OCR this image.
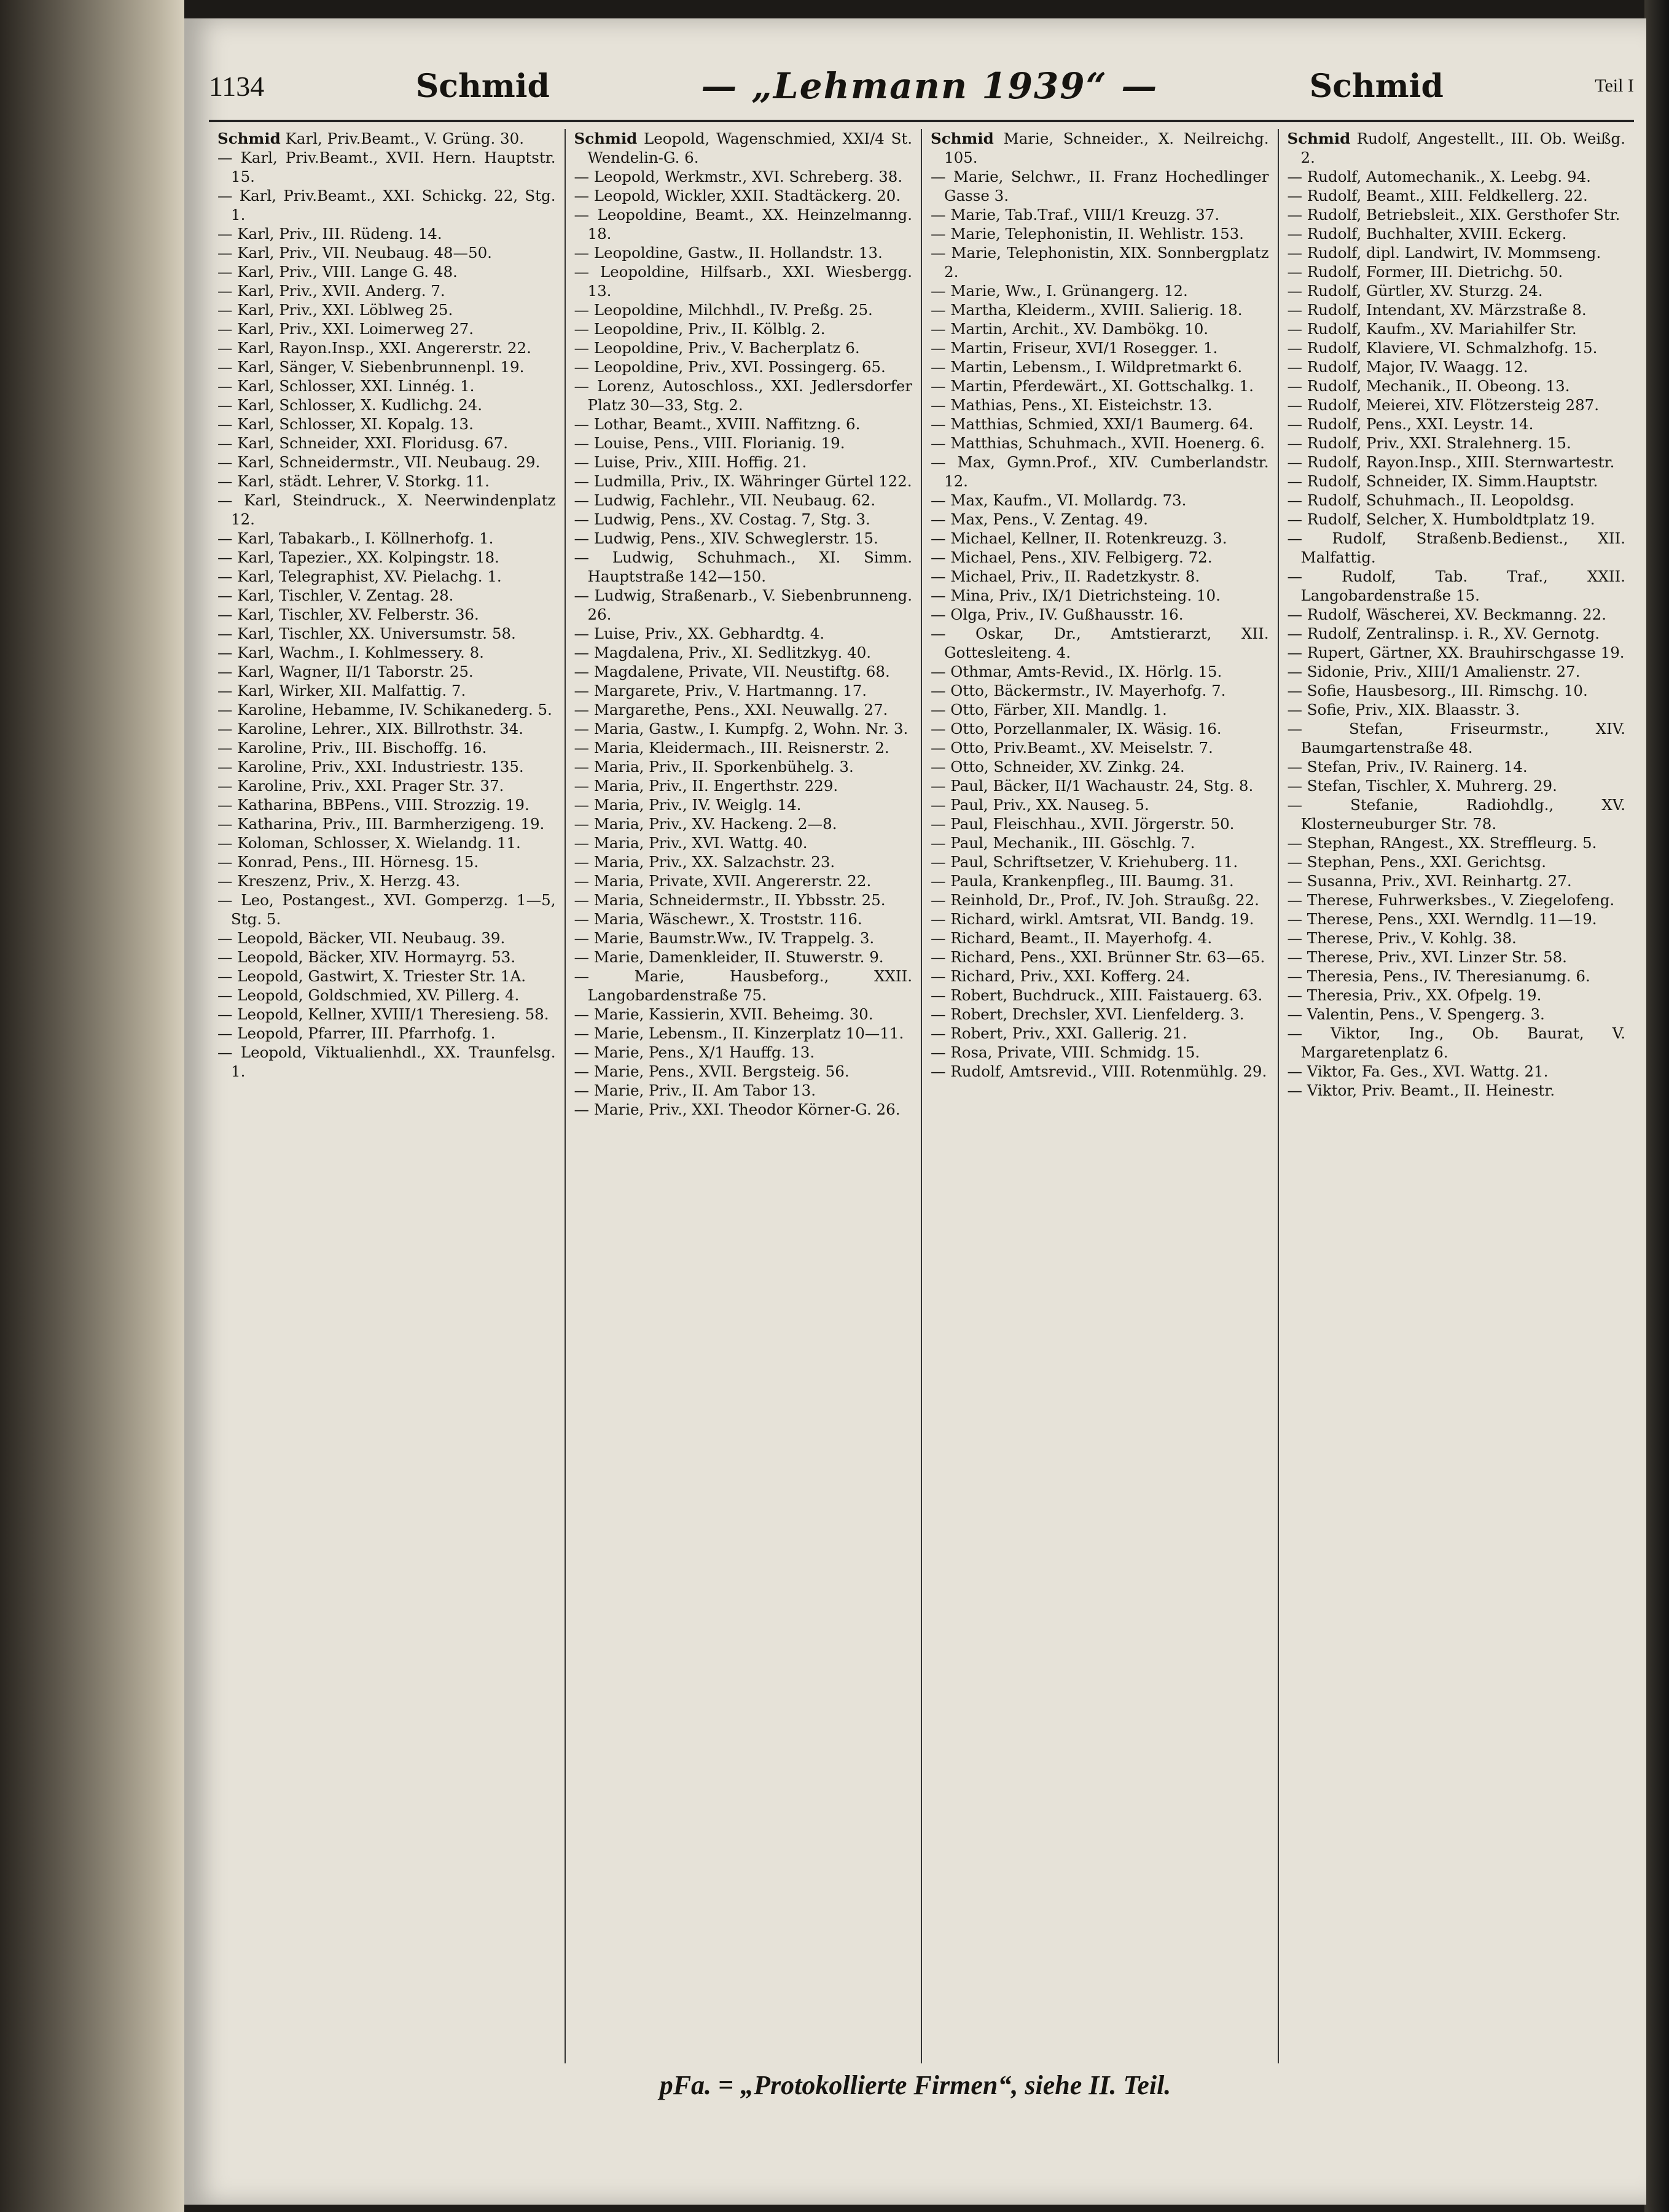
1134	Schmid	— „Lehmann 1939“ —	Schmid	Teil I
Schmid Karl, Priv.Beamt., V. Grüng. 30.
— Karl, Priv.Beamt., XVII. Hern. Hauptstr. 15.
— Karl, Priv.Beamt., XXI. Schickg. 22, Stg. 1.
— Karl, Priv., III. Rüdeng. 14.
— Karl, Priv., VII. Neubaug. 48—50.
— Karl, Priv., VIII. Lange G. 48.
— Karl, Priv., XVII. Anderg. 7.
— Karl, Priv., XXI. Löblweg 25.
— Karl, Priv., XXI. Loimerweg 27.
— Karl, Rayon.Insp., XXI. Angererstr. 22.
— Karl, Sänger, V. Siebenbrunnenpl. 19.
— Karl, Schlosser, XXI. Linnég. 1.
— Karl, Schlosser, X. Kudlichg. 24.
— Karl, Schlosser, XI. Kopalg. 13.
— Karl, Schneider, XXI. Floridusg. 67.
— Karl, Schneidermstr., VII. Neubaug. 29.
— Karl, städt. Lehrer, V. Storkg. 11.
— Karl, Steindruck., X. Neerwindenplatz 12.
— Karl, Tabakarb., I. Köllnerhofg. 1.
— Karl, Tapezier., XX. Kolpingstr. 18.
— Karl, Telegraphist, XV. Pielachg. 1.
— Karl, Tischler, V. Zentag. 28.
— Karl, Tischler, XV. Felberstr. 36.
— Karl, Tischler, XX. Universumstr. 58.
— Karl, Wachm., I. Kohlmessery. 8.
— Karl, Wagner, II/1 Taborstr. 25.
— Karl, Wirker, XII. Malfattig. 7.
— Karoline, Hebamme, IV. Schikanederg. 5.
— Karoline, Lehrer., XIX. Billrothstr. 34.
— Karoline, Priv., III. Bischoffg. 16.
— Karoline, Priv., XXI. Industriestr. 135.
— Karoline, Priv., XXI. Prager Str. 37.
— Katharina, BBPens., VIII. Strozzig. 19.
— Katharina, Priv., III. Barmherzigeng. 19.
— Koloman, Schlosser, X. Wielandg. 11.
— Konrad, Pens., III. Hörnesg. 15.
— Kreszenz, Priv., X. Herzg. 43.
— Leo, Postangest., XVI. Gomperzg. 1—5, Stg. 5.
— Leopold, Bäcker, VII. Neubaug. 39.
— Leopold, Bäcker, XIV. Hormayrg. 53.
— Leopold, Gastwirt, X. Triester Str. 1A.
— Leopold, Goldschmied, XV. Pillerg. 4.
— Leopold, Kellner, XVIII/1 Theresieng. 58.
— Leopold, Pfarrer, III. Pfarrhofg. 1.
— Leopold, Viktualienhdl., XX. Traunfelsg. 1.
Schmid Leopold, Wagenschmied, XXI/4 St. Wendelin-G. 6.
— Leopold, Werkmstr., XVI. Schreberg. 38.
— Leopold, Wickler, XXII. Stadtäckerg. 20.
— Leopoldine, Beamt., XX. Heinzelmanng. 18.
— Leopoldine, Gastw., II. Hollandstr. 13.
— Leopoldine, Hilfsarb., XXI. Wiesbergg. 13.
— Leopoldine, Milchhdl., IV. Preßg. 25.
— Leopoldine, Priv., II. Kölblg. 2.
— Leopoldine, Priv., V. Bacherplatz 6.
— Leopoldine, Priv., XVI. Possingerg. 65.
— Lorenz, Autoschloss., XXI. Jedlersdorfer Platz 30—33, Stg. 2.
— Lothar, Beamt., XVIII. Naffitzng. 6.
— Louise, Pens., VIII. Florianig. 19.
— Luise, Priv., XIII. Hoffig. 21.
— Ludmilla, Priv., IX. Währinger Gürtel 122.
— Ludwig, Fachlehr., VII. Neubaug. 62.
— Ludwig, Pens., XV. Costag. 7, Stg. 3.
— Ludwig, Pens., XIV. Schweglerstr. 15.
— Ludwig, Schuhmach., XI. Simm. Hauptstraße 142—150.
— Ludwig, Straßenarb., V. Siebenbrunneng. 26.
— Luise, Priv., XX. Gebhardtg. 4.
— Magdalena, Priv., XI. Sedlitzkyg. 40.
— Magdalene, Private, VII. Neustiftg. 68.
— Margarete, Priv., V. Hartmanng. 17.
— Margarethe, Pens., XXI. Neuwallg. 27.
— Maria, Gastw., I. Kumpfg. 2, Wohn. Nr. 3.
— Maria, Kleidermach., III. Reisnerstr. 2.
— Maria, Priv., II. Sporkenbühelg. 3.
— Maria, Priv., II. Engerthstr. 229.
— Maria, Priv., IV. Weiglg. 14.
— Maria, Priv., XV. Hackeng. 2—8.
— Maria, Priv., XVI. Wattg. 40.
— Maria, Priv., XX. Salzachstr. 23.
— Maria, Private, XVII. Angererstr. 22.
— Maria, Schneidermstr., II. Ybbsstr. 25.
— Maria, Wäschewr., X. Troststr. 116.
— Marie, Baumstr.Ww., IV. Trappelg. 3.
— Marie, Damenkleider, II. Stuwerstr. 9.
— Marie, Hausbeforg., XXII. Langobardenstraße 75.
— Marie, Kassierin, XVII. Beheimg. 30.
— Marie, Lebensm., II. Kinzerplatz 10—11.
— Marie, Pens., X/1 Hauffg. 13.
— Marie, Pens., XVII. Bergsteig. 56.
— Marie, Priv., II. Am Tabor 13.
— Marie, Priv., XXI. Theodor Körner-G. 26.
Schmid Marie, Schneider., X. Neilreichg. 105.
— Marie, Selchwr., II. Franz Hochedlinger Gasse 3.
— Marie, Tab.Traf., VIII/1 Kreuzg. 37.
— Marie, Telephonistin, II. Wehlistr. 153.
— Marie, Telephonistin, XIX. Sonnbergplatz 2.
— Marie, Ww., I. Grünangerg. 12.
— Martha, Kleiderm., XVIII. Salierig. 18.
— Martin, Archit., XV. Dambökg. 10.
— Martin, Friseur, XVI/1 Rosegger. 1.
— Martin, Lebensm., I. Wildpretmarkt 6.
— Martin, Pferdewärt., XI. Gottschalkg. 1.
— Mathias, Pens., XI. Eisteichstr. 13.
— Matthias, Schmied, XXI/1 Baumerg. 64.
— Matthias, Schuhmach., XVII. Hoenerg. 6.
— Max, Gymn.Prof., XIV. Cumberlandstr. 12.
— Max, Kaufm., VI. Mollardg. 73.
— Max, Pens., V. Zentag. 49.
— Michael, Kellner, II. Rotenkreuzg. 3.
— Michael, Pens., XIV. Felbigerg. 72.
— Michael, Priv., II. Radetzkystr. 8.
— Mina, Priv., IX/1 Dietrichsteing. 10.
— Olga, Priv., IV. Gußhausstr. 16.
— Oskar, Dr., Amtstierarzt, XII. Gottesleiteng. 4.
— Othmar, Amts-Revid., IX. Hörlg. 15.
— Otto, Bäckermstr., IV. Mayerhofg. 7.
— Otto, Färber, XII. Mandlg. 1.
— Otto, Porzellanmaler, IX. Wäsig. 16.
— Otto, Priv.Beamt., XV. Meiselstr. 7.
— Otto, Schneider, XV. Zinkg. 24.
— Paul, Bäcker, II/1 Wachaustr. 24, Stg. 8.
— Paul, Priv., XX. Nauseg. 5.
— Paul, Fleischhau., XVII. Jörgerstr. 50.
— Paul, Mechanik., III. Göschlg. 7.
— Paul, Schriftsetzer, V. Kriehuberg. 11.
— Paula, Krankenpfleg., III. Baumg. 31.
— Reinhold, Dr., Prof., IV. Joh. Straußg. 22.
— Richard, wirkl. Amtsrat, VII. Bandg. 19.
— Richard, Beamt., II. Mayerhofg. 4.
— Richard, Pens., XXI. Brünner Str. 63—65.
— Richard, Priv., XXI. Kofferg. 24.
— Robert, Buchdruck., XIII. Faistauerg. 63.
— Robert, Drechsler, XVI. Lienfelderg. 3.
— Robert, Priv., XXI. Gallerig. 21.
— Rosa, Private, VIII. Schmidg. 15.
— Rudolf, Amtsrevid., VIII. Rotenmühlg. 29.
Schmid Rudolf, Angestellt., III. Ob. Weißg. 2.
— Rudolf, Automechanik., X. Leebg. 94.
— Rudolf, Beamt., XIII. Feldkellerg. 22.
— Rudolf, Betriebsleit., XIX. Gersthofer Str.
— Rudolf, Buchhalter, XVIII. Eckerg.
— Rudolf, dipl. Landwirt, IV. Mommseng.
— Rudolf, Former, III. Dietrichg. 50.
— Rudolf, Gürtler, XV. Sturzg. 24.
— Rudolf, Intendant, XV. Märzstraße 8.
— Rudolf, Kaufm., XV. Mariahilfer Str.
— Rudolf, Klaviere, VI. Schmalzhofg. 15.
— Rudolf, Major, IV. Waagg. 12.
— Rudolf, Mechanik., II. Obeong. 13.
— Rudolf, Meierei, XIV. Flötzersteig 287.
— Rudolf, Pens., XXI. Leystr. 14.
— Rudolf, Priv., XXI. Stralehnerg. 15.
— Rudolf, Rayon.Insp., XIII. Sternwartestr.
— Rudolf, Schneider, IX. Simm.Hauptstr.
— Rudolf, Schuhmach., II. Leopoldsg.
— Rudolf, Selcher, X. Humboldtplatz 19.
— Rudolf, Straßenb.Bedienst., XII. Malfattig.
— Rudolf, Tab. Traf., XXII. Langobardenstraße 15.
— Rudolf, Wäscherei, XV. Beckmanng. 22.
— Rudolf, Zentralinsp. i. R., XV. Gernotg.
— Rupert, Gärtner, XX. Brauhirschgasse 19.
— Sidonie, Priv., XIII/1 Amalienstr. 27.
— Sofie, Hausbesorg., III. Rimschg. 10.
— Sofie, Priv., XIX. Blaasstr. 3.
— Stefan, Friseurmstr., XIV. Baumgartenstraße 48.
— Stefan, Priv., IV. Rainerg. 14.
— Stefan, Tischler, X. Muhrerg. 29.
— Stefanie, Radiohdlg., XV. Klosterneuburger Str. 78.
— Stephan, RAngest., XX. Streffleurg. 5.
— Stephan, Pens., XXI. Gerichtsg.
— Susanna, Priv., XVI. Reinhartg. 27.
— Therese, Fuhrwerksbes., V. Ziegelofeng.
— Therese, Pens., XXI. Werndlg. 11—19.
— Therese, Priv., V. Kohlg. 38.
— Therese, Priv., XVI. Linzer Str. 58.
— Theresia, Pens., IV. Theresianumg. 6.
— Theresia, Priv., XX. Ofpelg. 19.
— Valentin, Pens., V. Spengerg. 3.
— Viktor, Ing., Ob. Baurat, V. Margaretenplatz 6.
— Viktor, Fa. Ges., XVI. Wattg. 21.
— Viktor, Priv. Beamt., II. Heinestr.
pFa. = „Protokollierte Firmen“, siehe II. Teil.
